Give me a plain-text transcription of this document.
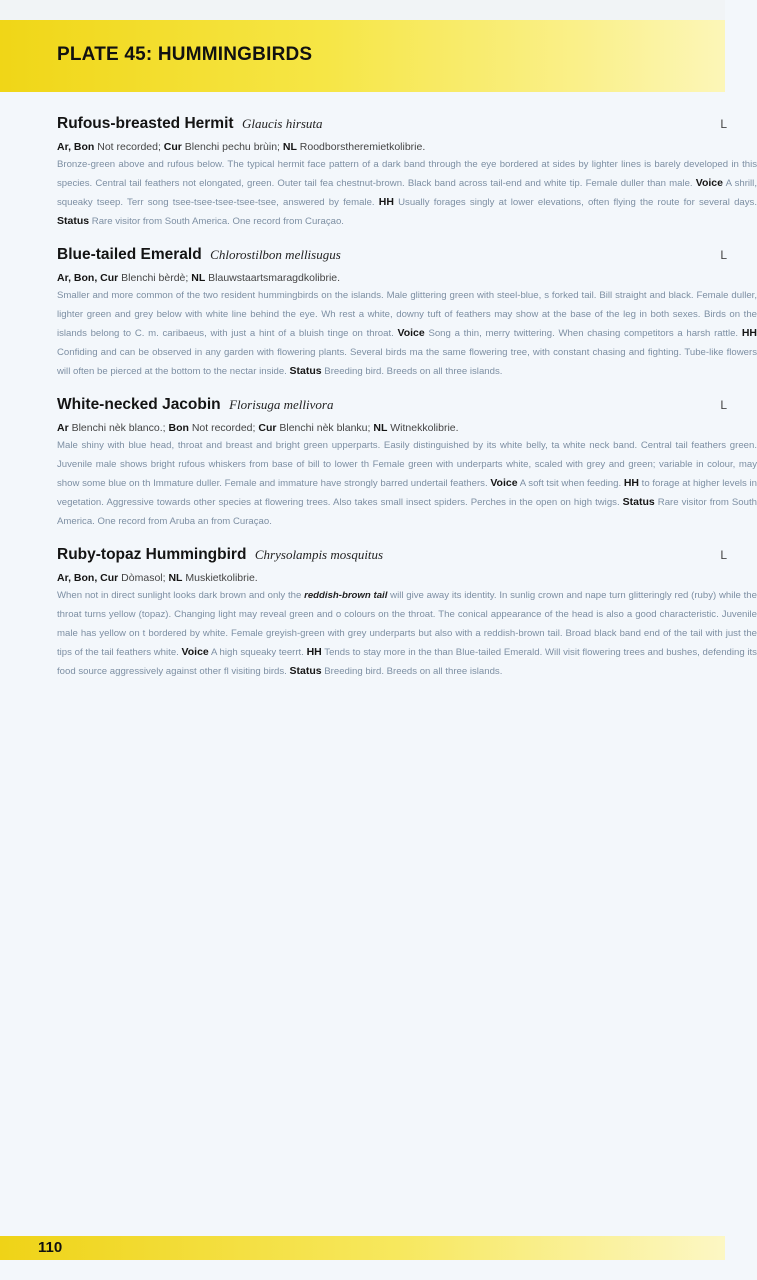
PLATE 45: HUMMINGBIRDS
Rufous-breasted Hermit Glaucis hirsuta	L
Ar, Bon Not recorded; Cur Blenchi pechu brùin; NL Roodborstheremietkolibrie.
Bronze-green above and rufous below. The typical hermit face pattern of a dark band through the eye bordered at sides by lighter lines is barely developed in this species. Central tail feathers not elongated, green. Outer tail fea chestnut-brown. Black band across tail-end and white tip. Female duller than male. Voice A shrill, squeaky tseep. Terr song tsee-tsee-tsee-tsee-tsee, answered by female. HH Usually forages singly at lower elevations, often flying the route for several days. Status Rare visitor from South America. One record from Curaçao.
Blue-tailed Emerald Chlorostilbon mellisugus	L
Ar, Bon, Cur Blenchi bèrdè; NL Blauwstaartsmaragdkolibrie.
Smaller and more common of the two resident hummingbirds on the islands. Male glittering green with steel-blue, s forked tail. Bill straight and black. Female duller, lighter green and grey below with white line behind the eye. Wh rest a white, downy tuft of feathers may show at the base of the leg in both sexes. Birds on the islands belong to C. m. caribaeus, with just a hint of a bluish tinge on throat. Voice Song a thin, merry twittering. When chasing competitors a harsh rattle. HH Confiding and can be observed in any garden with flowering plants. Several birds ma the same flowering tree, with constant chasing and fighting. Tube-like flowers will often be pierced at the bottom to the nectar inside. Status Breeding bird. Breeds on all three islands.
White-necked Jacobin Florisuga mellivora	L
Ar Blenchi nèk blanco.; Bon Not recorded; Cur Blenchi nèk blanku; NL Witnekkolibrie.
Male shiny with blue head, throat and breast and bright green upperparts. Easily distinguished by its white belly, ta white neck band. Central tail feathers green. Juvenile male shows bright rufous whiskers from base of bill to lower th Female green with underparts white, scaled with grey and green; variable in colour, may show some blue on th Immature duller. Female and immature have strongly barred undertail feathers. Voice A soft tsit when feeding. HH to forage at higher levels in vegetation. Aggressive towards other species at flowering trees. Also takes small insect spiders. Perches in the open on high twigs. Status Rare visitor from South America. One record from Aruba an from Curaçao.
Ruby-topaz Hummingbird Chrysolampis mosquitus	L
Ar, Bon, Cur Dòmasol; NL Muskietkolibrie.
When not in direct sunlight looks dark brown and only the reddish-brown tail will give away its identity. In sunlig crown and nape turn glitteringly red (ruby) while the throat turns yellow (topaz). Changing light may reveal green and o colours on the throat. The conical appearance of the head is also a good characteristic. Juvenile male has yellow on t bordered by white. Female greyish-green with grey underparts but also with a reddish-brown tail. Broad black band end of the tail with just the tips of the tail feathers white. Voice A high squeaky teerrt. HH Tends to stay more in the than Blue-tailed Emerald. Will visit flowering trees and bushes, defending its food source aggressively against other fl visiting birds. Status Breeding bird. Breeds on all three islands.
110
